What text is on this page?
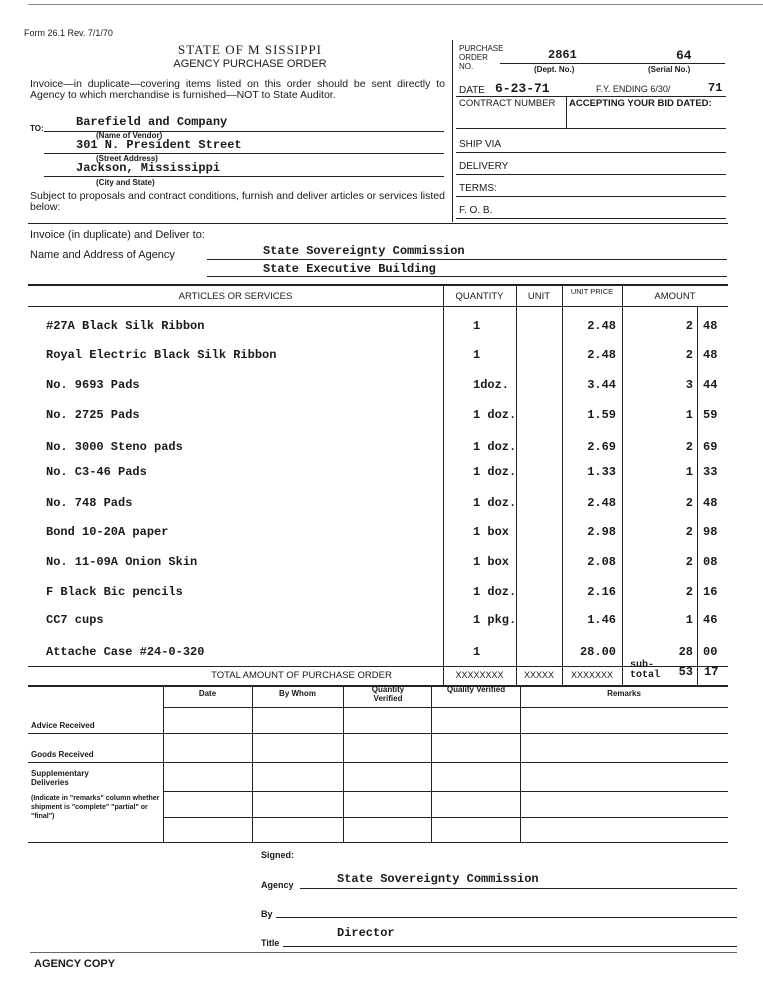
Form 26.1 Rev. 7/1/70
STATE OF M SISSIPPI
AGENCY PURCHASE ORDER
Invoice—in duplicate—covering items listed on this order should be sent directly to Agency to which merchandise is furnished—NOT to State Auditor.
TO:	Barefield and Company
(Name of Vendor)
301 N. President Street
(Street Address)
Jackson, Mississippi
(City and State)
Subject to proposals and contract conditions, furnish and deliver articles or services listed below:
PURCHASE ORDER NO.
2861	64
(Dept. No.)	(Serial No.)
DATE 6-23-71	F.Y. ENDING 6/30/	71
CONTRACT NUMBER ACCEPTING YOUR BID DATED:
SHIP VIA
DELIVERY
TERMS:
F. O. B.
Invoice (in duplicate) and Deliver to:
Name and Address of Agency	State Sovereignty Commission
State Executive Building
ARTICLES OR SERVICES	QUANTITY	UNIT	UNIT PRICE	AMOUNT
#27A Black Silk Ribbon	1	2.48	2 48
Royal Electric Black Silk Ribbon	1	2.48	2 48
No. 9693 Pads	1doz.	3.44	3 44
No. 2725 Pads	1 doz.	1.59	1 59
No. 3000 Steno pads	1 doz.	2.69	2 69
No. C3-46 Pads	1 doz.	1.33	1 33
No. 748 Pads	1 doz.	2.48	2 48
Bond 10-20A paper	1 box	2.98	2 98
No. 11-09A Onion Skin	1 box	2.08	2 08
F Black Bic pencils	1 doz.	2.16	2 16
CC7 cups	1 pkg.	1.46	1 46
Attache Case #24-0-320	1	28.00	28 00
TOTAL AMOUNT OF PURCHASE ORDER	XXXXXXXX	XXXXX	XXXXXXX
sub-total	53 17
Date	By Whom	Quantity Verified
Quality Verified	Remarks
Advice Received
Goods Received
Supplementary Deliveries
(Indicate in "remarks" column whether shipment is "complete" "partial" or "final")
Signed:
Agency	State Sovereignty Commission
By
Title
Director
AGENCY COPY
